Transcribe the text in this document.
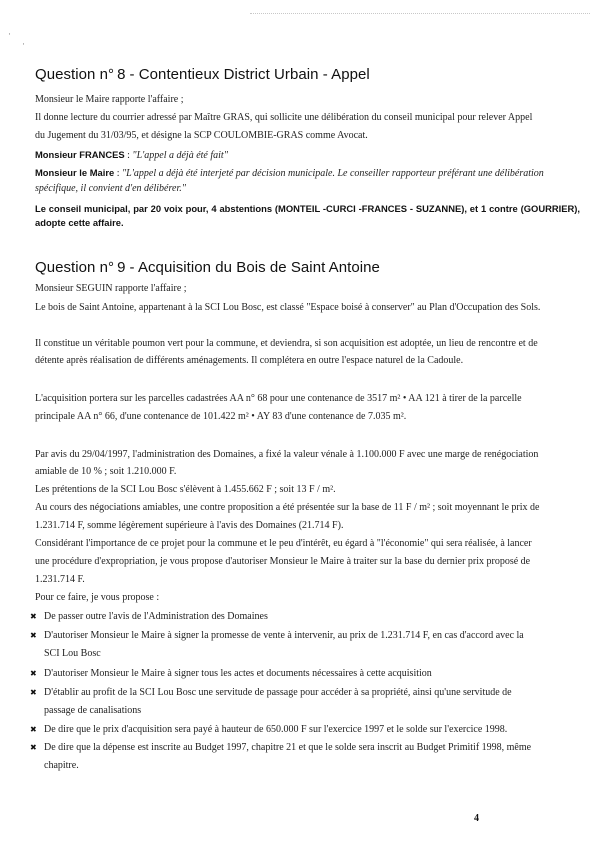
·
·
Question n° 8 - Contentieux District Urbain - Appel
Monsieur le Maire rapporte l'affaire ;
Il donne lecture du courrier adressé par Maître GRAS, qui sollicite une délibération du conseil municipal pour relever Appel
du Jugement du 31/03/95, et désigne la SCP COULOMBIE-GRAS comme Avocat.
Monsieur FRANCES : "L'appel a déjà été fait"
Monsieur le Maire : "L'appel a déjà été interjeté par décision municipale. Le conseiller rapporteur préférant une délibération
spécifique, il convient d'en délibérer."
Le conseil municipal, par 20 voix pour, 4 abstentions (MONTEIL -CURCI -FRANCES - SUZANNE), et 1 contre (GOURRIER), adopte cette affaire.
Question n° 9 - Acquisition du Bois de Saint Antoine
Monsieur SEGUIN rapporte l'affaire ;
Le bois de Saint Antoine, appartenant à la SCI Lou Bosc, est classé "Espace boisé à conserver" au Plan d'Occupation des Sols.
Il constitue un véritable poumon vert pour la commune, et deviendra, si son acquisition est adoptée, un lieu de rencontre et de
détente après réalisation de différents aménagements. Il complétera en outre l'espace naturel de la Cadoule.
L'acquisition portera sur les parcelles cadastrées AA n° 68 pour une contenance de 3517 m² • AA 121 à tirer de la parcelle
principale AA n° 66, d'une contenance de 101.422 m² • AY 83 d'une contenance de 7.035 m².
Par avis du 29/04/1997, l'administration des Domaines, a fixé la valeur vénale à 1.100.000 F avec une marge de renégociation
amiable de 10 % ; soit 1.210.000 F.
Les prétentions de la SCI Lou Bosc s'élèvent à 1.455.662 F ; soit 13 F / m².
Au cours des négociations amiables, une contre proposition a été présentée sur la base de 11 F / m² ; soit moyennant le prix de
1.231.714 F, somme légèrement supérieure à l'avis des Domaines (21.714 F).
Considérant l'importance de ce projet pour la commune et le peu d'intérêt, eu égard à "l'économie" qui sera réalisée, à lancer
une procédure d'expropriation, je vous propose d'autoriser Monsieur le Maire à traiter sur la base du dernier prix proposé de
1.231.714 F.
Pour ce faire, je vous propose :
✖ De passer outre l'avis de l'Administration des Domaines
✖ D'autoriser Monsieur le Maire à signer la promesse de vente à intervenir, au prix de 1.231.714 F, en cas d'accord avec la
SCI Lou Bosc
✖ D'autoriser Monsieur le Maire à signer tous les actes et documents nécessaires à cette acquisition
✖ D'établir au profit de la SCI Lou Bosc une servitude de passage pour accéder à sa propriété, ainsi qu'une servitude de
passage de canalisations
✖ De dire que le prix d'acquisition sera payé à hauteur de 650.000 F sur l'exercice 1997 et le solde sur l'exercice 1998.
✖ De dire que la dépense est inscrite au Budget 1997, chapitre 21 et que le solde sera inscrit au Budget Primitif 1998, même
chapitre.
4
